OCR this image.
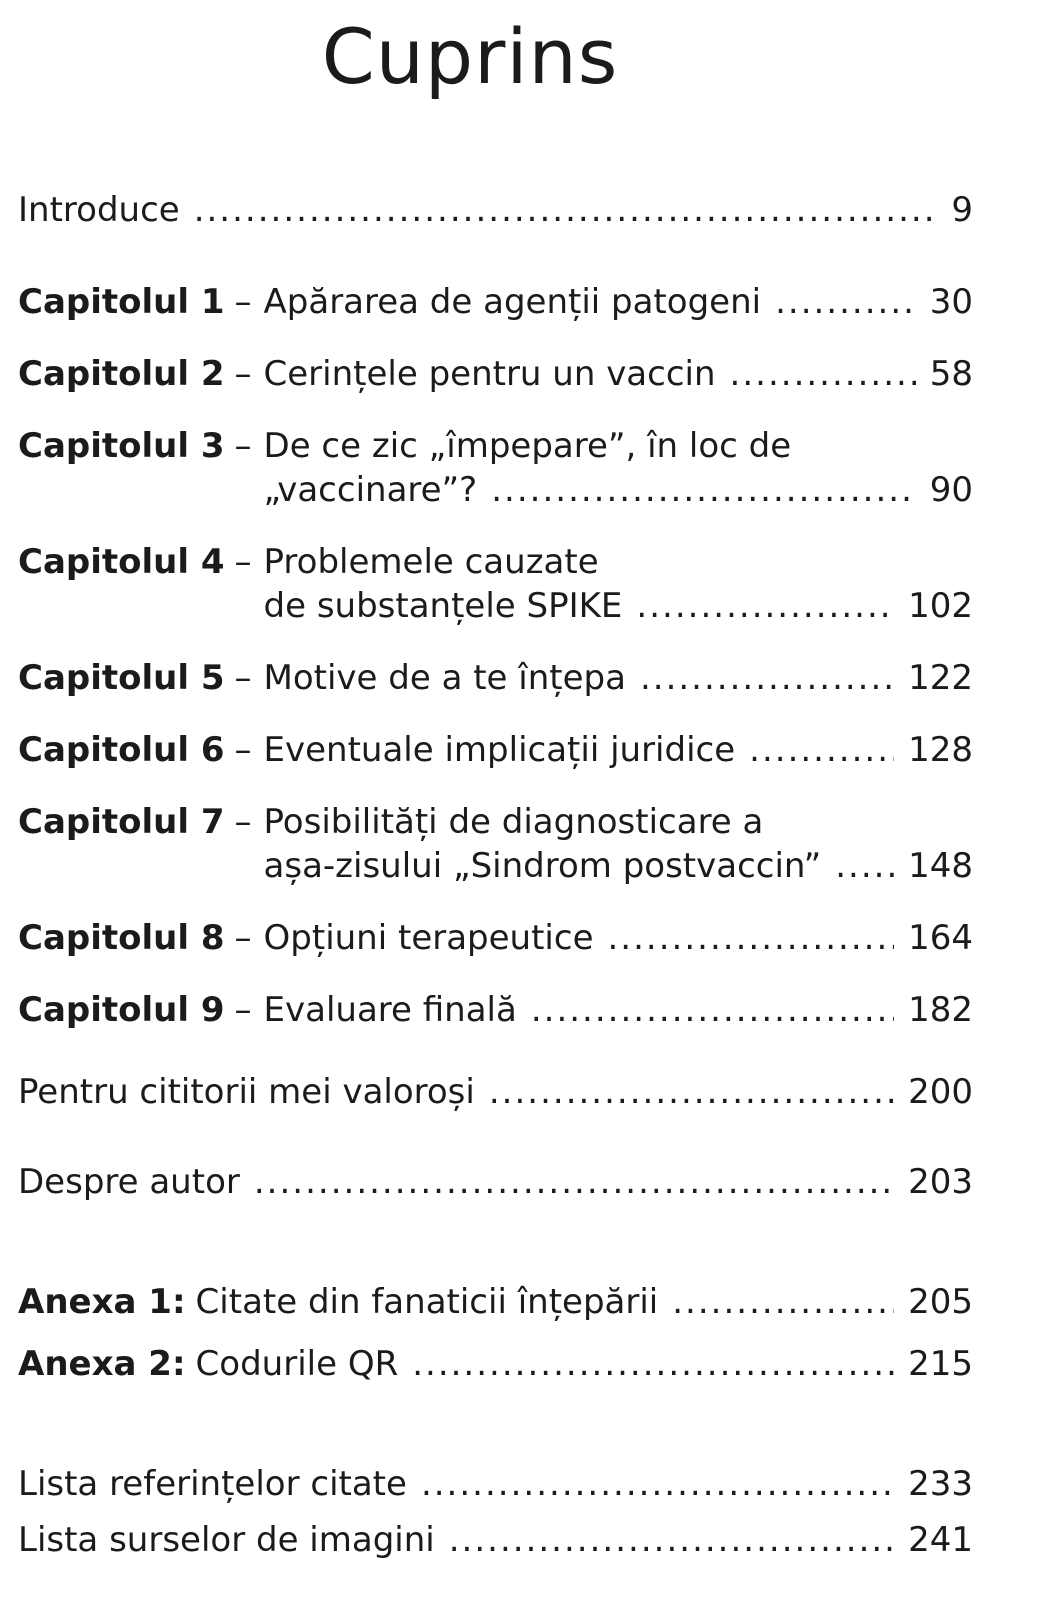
Cuprins
Introduce .....	9
Capitolul 1 – Apărarea de agenții patogeni .....	30
Capitolul 2 – Cerințele pentru un vaccin .....	58
Capitolul 3 – De ce zic „împepare”, în loc de
„vaccinare”? .....	90
Capitolul 4 – Problemele cauzate
de substanțele SPIKE .....	102
Capitolul 5 – Motive de a te înțepa .....	122
Capitolul 6 – Eventuale implicații juridice .....	128
Capitolul 7 – Posibilități de diagnosticare a
așa-zisului „Sindrom postvaccin” .....	148
Capitolul 8 – Opțiuni terapeutice .....	164
Capitolul 9 – Evaluare finală .....	182
Pentru cititorii mei valoroși .....	200
Despre autor .....	203
Anexa 1: Citate din fanaticii înțepării .....	205
Anexa 2: Codurile QR .....	215
Lista referințelor citate .....	233
Lista surselor de imagini .....	241
